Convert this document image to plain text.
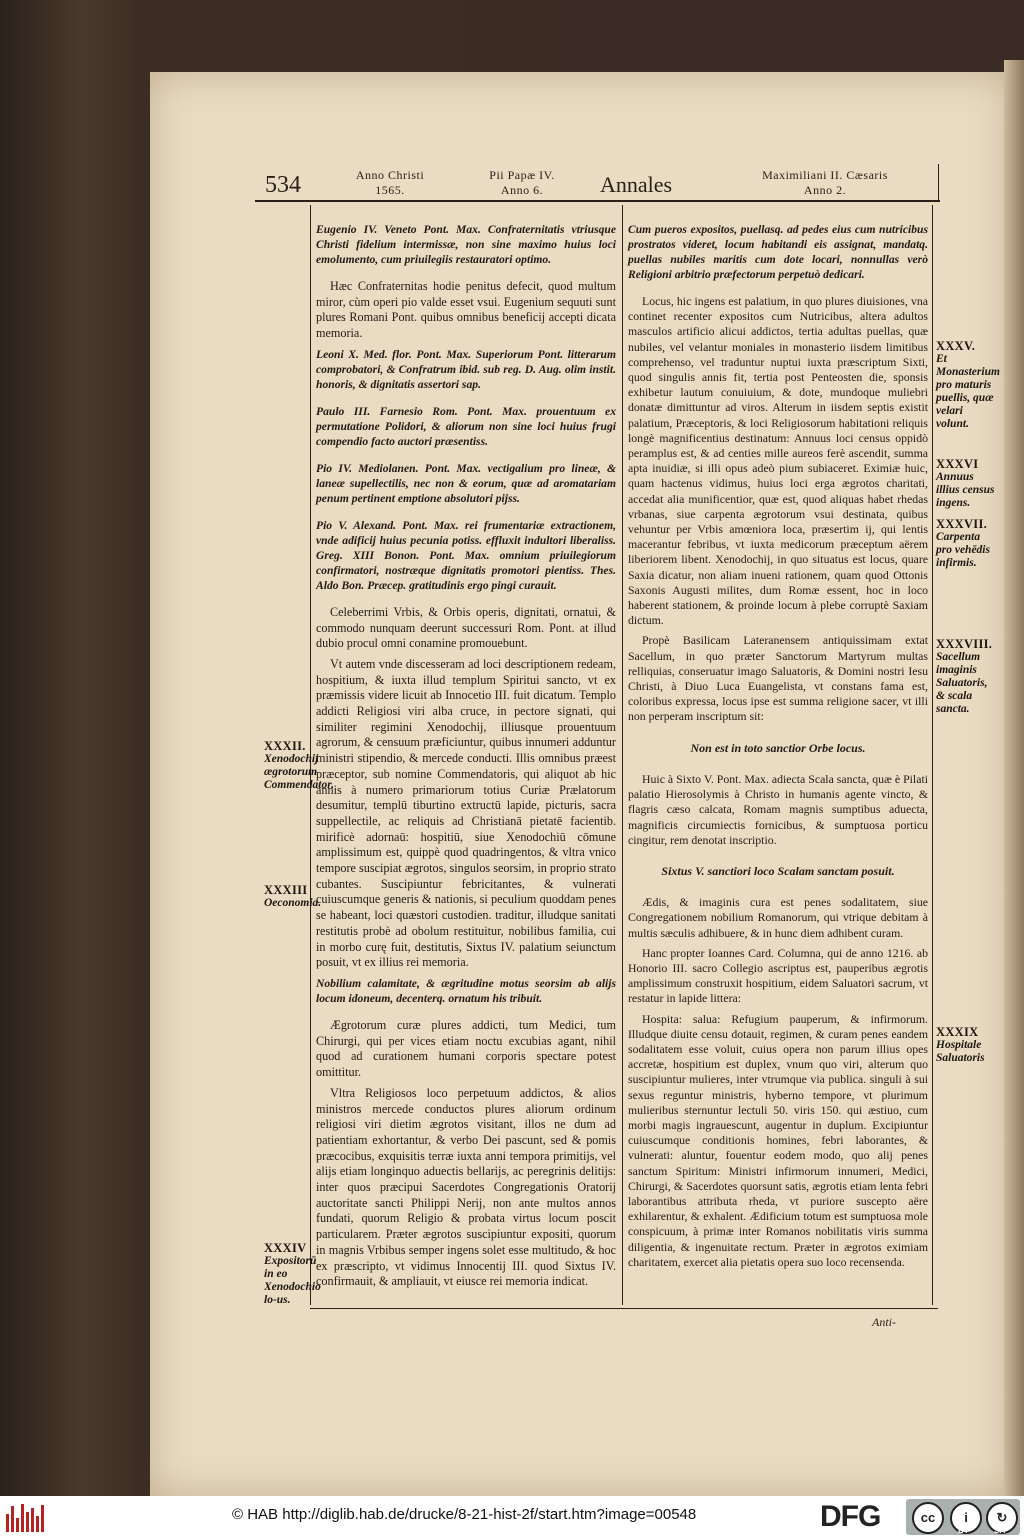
534	Anno Christi
1565.
Pii Papæ IV.
Anno 6.	Annales	Maximiliani II. Cæsaris
Anno 2.

Eugenio IV. Veneto Pont. Max. Confraternitatis vtriusque Christi fidelium intermissæ, non sine maximo huius loci emolumento, cum priuilegiis restauratori optimo.

Hæc Confraternitas hodie penitus defecit, quod multum miror, cùm operi pio valde esset vsui. Eugenium sequuti sunt plures Romani Pont. quibus omnibus beneficij accepti dicata memoria.

Leoni X. Med. flor. Pont. Max. Superiorum Pont. litterarum comprobatori, & Confratrum ibid. sub reg. D. Aug. olim instit. honoris, & dignitatis assertori sap.

Paulo III. Farnesio Rom. Pont. Max. prouentuum ex permutatione Polidori, & aliorum non sine loci huius frugi compendio facto auctori præsentiss.

Pio IV. Mediolanen. Pont. Max. vectigalium pro lineæ, & laneæ supellectilis, nec non & eorum, quæ ad aromatariam penum pertinent emptione absolutori pijss.

Pio V. Alexand. Pont. Max. rei frumentariæ extractionem, vnde adificij huius pecunia potiss. effluxit indultori liberaliss. Greg. XIII Bonon. Pont. Max. omnium priuilegiorum confirmatori, nostræque dignitatis promotori pientiss. Thes. Aldo Bon. Præcep. gratitudinis ergo pingi curauit.

Celeberrimi Vrbis, & Orbis operis, dignitati, ornatui, & commodo nunquam deerunt successuri Rom. Pont. at illud dubio procul omni conamine promouebunt.

Vt autem vnde discesseram ad loci descriptionem redeam, hospitium, & iuxta illud templum Spiritui sancto, vt ex præmissis videre licuit ab Innocetio III. fuit dicatum. Templo addicti Religiosi viri alba cruce, in pectore signati, qui similiter regimini Xenodochij, illiusque prouentuum agrorum, & censuum præficiuntur, quibus innumeri adduntur ministri stipendio, & mercede conducti. Illis omnibus præest præceptor, sub nomine Commendatoris, qui aliquot ab hic annis à numero primariorum totius Curiæ Prælatorum desumitur, templū tiburtino extructū lapide, picturis, sacra suppellectile, ac reliquis ad Christianā pietatē facientib. mirificè adornaū: hospitiū, siue Xenodochiū cōmune amplissimum est, quippè quod quadringentos, & vltra vnico tempore suscipiat ægrotos, singulos seorsim, in proprio strato cubantes. Suscipiuntur febricitantes, & vulnerati cuiuscumque generis & nationis, si peculium quoddam penes se habeant, loci quæstori custodien. traditur, illudque sanitati restitutis probè ad obolum restituitur, nobilibus familia, cui in morbo curę fuit, destitutis, Sixtus IV. palatium seiunctum posuit, vt ex illius rei memoria.

Nobilium calamitate, & ægritudine motus seorsim ab alijs locum idoneum, decenterq. ornatum his tribuit.

Ægrotorum curæ plures addicti, tum Medici, tum Chirurgi, qui per vices etiam noctu excubias agant, nihil quod ad curationem humani corporis spectare potest omittitur.

Vltra Religiosos loco perpetuum addictos, & alios ministros mercede conductos plures aliorum ordinum religiosi viri dietim ægrotos visitant, illos ne dum ad patientiam exhortantur, & verbo Dei pascunt, sed & pomis præcocibus, exquisitis terræ iuxta anni tempora primitijs, vel alijs etiam longinquo aduectis bellarijs, ac peregrinis delitijs: inter quos præcipui Sacerdotes Congregationis Oratorij auctoritate sancti Philippi Nerij, non ante multos annos fundati, quorum Religio & probata virtus locum poscit particularem. Præter ægrotos suscipiuntur expositi, quorum in magnis Vrbibus semper ingens solet esse multitudo, & hoc ex præscripto, vt vidimus Innocentij III. quod Sixtus IV. confirmauit, & ampliauit, vt eiusce rei memoria indicat.

Cum pueros expositos, puellasq. ad pedes eius cum nutricibus prostratos videret, locum habitandi eis assignat, mandatq. puellas nubiles maritis cum dote locari, nonnullas verò Religioni arbitrio præfectorum perpetuò dedicari.

Locus, hic ingens est palatium, in quo plures diuisiones, vna continet recenter expositos cum Nutricibus, altera adultos masculos artificio alicui addictos, tertia adultas puellas, quæ nubiles, vel velantur moniales in monasterio iisdem limitibus comprehenso, vel traduntur nuptui iuxta præscriptum Sixti, quod singulis annis fit, tertia post Penteosten die, sponsis exhibetur lautum conuiuium, & dote, mundoque muliebri donatæ dimittuntur ad viros. Alterum in iisdem septis existit palatium, Præceptoris, & loci Religiosorum habitationi reliquis longè magnificentius destinatum: Annuus loci census oppidò peramplus est, & ad centies mille aureos ferè ascendit, summa apta inuidiæ, si illi opus adeò pium subiaceret. Eximiæ huic, quam hactenus vidimus, huius loci erga ægrotos charitati, accedat alia munificentior, quæ est, quod aliquas habet rhedas vrbanas, siue carpenta ægrotorum vsui destinata, quibus vehuntur per Vrbis amœniora loca, præsertim ij, qui lentis macerantur febribus, vt iuxta medicorum præceptum aërem liberiorem libent. Xenodochij, in quo situatus est locus, quare Saxia dicatur, non aliam inueni rationem, quam quod Ottonis Saxonis Augusti milites, dum Romæ essent, hoc in loco haberent stationem, & proinde locum à plebe corruptè Saxiam dictum.

Propè Basilicam Lateranensem antiquissimam extat Sacellum, in quo præter Sanctorum Martyrum multas relliquias, conseruatur imago Saluatoris, & Domini nostri Iesu Christi, à Diuo Luca Euangelista, vt constans fama est, coloribus expressa, locus ipse est summa religione sacer, vt illi non perperam inscriptum sit:

Non est in toto sanctior Orbe locus.

Huic à Sixto V. Pont. Max. adiecta Scala sancta, quæ è Pilati palatio Hierosolymis à Christo in humanis agente vincto, & flagris cæso calcata, Romam magnis sumptibus aduecta, magnificis circumiectis fornicibus, & sumptuosa porticu cingitur, rem denotat inscriptio.

Sixtus V. sanctiori loco Scalam sanctam posuit.

Ædis, & imaginis cura est penes sodalitatem, siue Congregationem nobilium Romanorum, qui vtrique debitam à multis sæculis adhibuere, & in hunc diem adhibent curam.

Hanc propter Ioannes Card. Columna, qui de anno 1216. ab Honorio III. sacro Collegio ascriptus est, pauperibus ægrotis amplissimum construxit hospitium, eidem Saluatori sacrum, vt restatur in lapide littera:

Hospita: salua: Refugium pauperum, & infirmorum. Illudque diuite censu dotauit, regimen, & curam penes eandem sodalitatem esse voluit, cuius opera non parum illius opes accretæ, hospitium est duplex, vnum quo viri, alterum quo suscipiuntur mulieres, inter vtrumque via publica. singuli à sui sexus reguntur ministris, hyberno tempore, vt plurimum mulieribus sternuntur lectuli 50. viris 150. qui æstiuo, cum morbi magis ingrauescunt, augentur in duplum. Excipiuntur cuiuscumque conditionis homines, febri laborantes, & vulnerati: aluntur, fouentur eodem modo, quo alij penes sanctum Spiritum: Ministri infirmorum innumeri, Medici, Chirurgi, & Sacerdotes quorsunt satis, ægrotis etiam lenta febri laborantibus attributa rheda, vt puriore suscepto aëre exhilarentur, & exhalent. Ædificium totum est sumptuosa mole conspicuum, à primæ inter Romanos nobilitatis viris summa diligentia, & ingenuitate rectum. Præter in ægrotos eximiam charitatem, exercet alia pietatis opera suo loco recensenda.

XXXII.
Xenodochij ægrotorum Commendator.
XXXIII
Oeconomia.
XXXIV
Expositorū in eo Xenodochio lo-us.
XXXV.
Et Monasterium pro maturis puellis, quæ velari volunt.
XXXVI
Annuus illius census ingens.
XXXVII.
Carpenta pro vehēdis infirmis.
XXXVIII.
Sacellum imaginis Saluatoris, & scala sancta.
XXXIX
Hospitale Saluatoris
Anti-
© HAB http://diglib.hab.de/drucke/8-21-hist-2f/start.htm?image=00548	DFG	cc	i	↻
BY	SA
